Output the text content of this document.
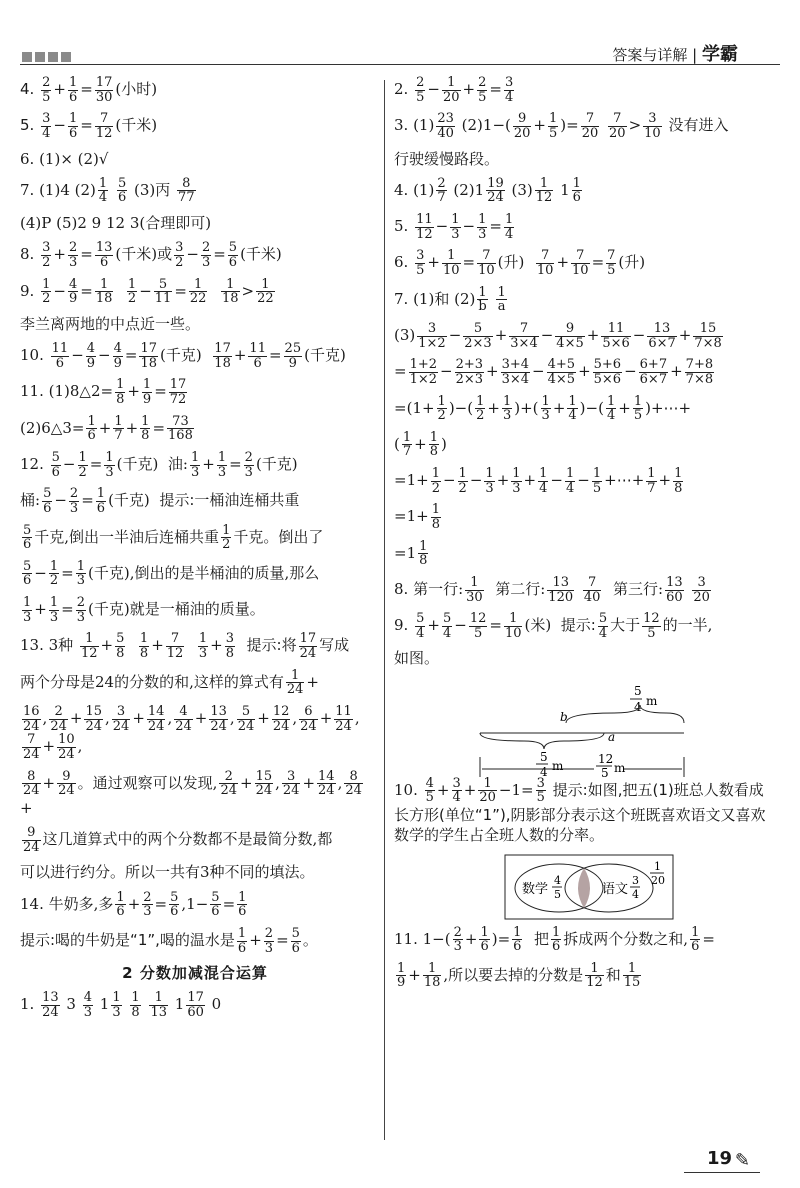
答案与详解 | 学霸
4. $\frac{2}{5} + \frac{1}{6} = \frac{17}{30}$ (小时)
5. $\frac{3}{4} - \frac{1}{6} = \frac{7}{12}$ (千米)
6. (1)× (2)√
7. (1)4 $(2) \frac{1}{4}$
$\frac{5}{6} (3)$丙 $\frac{8}{77}$
(4)P (5)2 9 12 3(合理即可)
8. $\frac{3}{2} + \frac{2}{3} = \frac{13}{6}$ (千米)或 $\frac{3}{2} - \frac{2}{3} = \frac{5}{6}$ (千米)
9. $\frac{1}{2} - \frac{4}{9} = \frac{1}{18}$
$\frac{1}{2} - \frac{5}{11} = \frac{1}{22}$
$\frac{1}{18} > \frac{1}{22}$
李兰离两地的中点近一些。
10. $\frac{11}{6} - \frac{4}{9} - \frac{4}{9} = \frac{17}{18}$ (千克) $\frac{17}{18} + \frac{11}{6} = \frac{25}{9}$ (千克)
11. (1)8△2= $\frac{1}{8} + \frac{1}{9} = \frac{17}{72}$
(2)6△3= $\frac{1}{6} + \frac{1}{7} + \frac{1}{8} = \frac{73}{168}$
12. $\frac{5}{6} - \frac{1}{2} = \frac{1}{3}$ (千克)  油: $\frac{1}{3} + \frac{1}{3} = \frac{2}{3}$ (千克)
桶: $\frac{5}{6} - \frac{2}{3} = \frac{1}{6}$ (千克)  提示:一桶油连桶共重
$\frac{5}{6}$ 千克,倒出一半油后连桶共重 $\frac{1}{2}$ 千克。倒出了
$\frac{5}{6} - \frac{1}{2} = \frac{1}{3}$ (千克),倒出的是半桶油的质量,那么
$\frac{1}{3} + \frac{1}{3} = \frac{2}{3}$ (千克)就是一桶油的质量。
13. 3种 $\frac{1}{12} + \frac{5}{8}$
$\frac{1}{8} + \frac{7}{12}$
$\frac{1}{3} + \frac{3}{8}$ 提示:将 $\frac{17}{24}$ 写成
两个分母是24的分数的和,这样的算式有 $\frac{1}{24}$ +
$\frac{16}{24}$ , $\frac{2}{24} + \frac{15}{24}$ , $\frac{3}{24} + \frac{14}{24}$ , $\frac{4}{24} + \frac{13}{24}$ , $\frac{5}{24} + \frac{12}{24}$ , $\frac{6}{24} + \frac{11}{24}$ ,
$\frac{7}{24} + \frac{10}{24}$ ,
$\frac{8}{24} + \frac{9}{24}$ 。通过观察可以发现, $\frac{2}{24} + \frac{15}{24}$ , $\frac{3}{24} + \frac{14}{24}$ , $\frac{8}{24}$
+
$\frac{9}{24}$ 这几道算式中的两个分数都不是最简分数,都
可以进行约分。所以一共有3种不同的填法。
14. 牛奶多,多 $\frac{1}{6} + \frac{2}{3} = \frac{5}{6} ,1- \frac{5}{6} = \frac{1}{6}$
提示:喝的牛奶是“1”,喝的温水是 $\frac{1}{6} + \frac{2}{3} = \frac{5}{6}$ 。
2 分数加减混合运算
1. $\frac{13}{24} 3 \frac{4}{3} 1 \frac{1}{3}$
$\frac{1}{8}$
$\frac{1}{13} 1 \frac{17}{60} 0$
2. $\frac{2}{5} - \frac{1}{20} + \frac{2}{5} = \frac{3}{4}$
3. $(1) \frac{23}{40} (2)1-( \frac{9}{20} + \frac{1}{5}$ )= $\frac{7}{20}$
$\frac{7}{20} > \frac{3}{10}$ 没有进入
行驶缓慢路段。
4. $(1) \frac{2}{7} (2)1 \frac{19}{24} (3) \frac{1}{12} 1 \frac{1}{6}$
5. $\frac{11}{12} - \frac{1}{3} - \frac{1}{3} = \frac{1}{4}$
6. $\frac{3}{5} + \frac{1}{10} = \frac{7}{10}$ (升) $\frac{7}{10} + \frac{7}{10} = \frac{7}{5}$ (升)
7. (1)和 $(2) \frac{1}{b}$
$\frac{1}{a}$
$(3) \frac{3}{1\times 2} - \frac{5}{2\times 3} + \frac{7}{3\times 4} - \frac{9}{4\times 5} + \frac{11}{5\times 6} - \frac{13}{6\times 7} + \frac{15}{7\times 8}$
= $\frac{1+2}{1\times 2} - \frac{2+3}{2\times 3} + \frac{3+4}{3\times 4} - \frac{4+5}{4\times 5} + \frac{5+6}{5\times 6} - \frac{6+7}{6\times 7} + \frac{7+8}{7\times 8}$
$=(1+ \frac{1}{2}$ )−( $\frac{1}{2} + \frac{1}{3}$ )+( $\frac{1}{3} + \frac{1}{4}$ )−( $\frac{1}{4} + \frac{1}{5}$ )+⋯+
( $\frac{1}{7} + \frac{1}{8}$ )
$=1+ \frac{1}{2} - \frac{1}{2} - \frac{1}{3} + \frac{1}{3} + \frac{1}{4} - \frac{1}{4} - \frac{1}{5}$ +⋯+ $\frac{1}{7} + \frac{1}{8}$
$=1+ \frac{1}{8}$
$=1 \frac{1}{8}$
8. 第一行: $\frac{1}{30}$ 第二行: $\frac{13}{120}$
$\frac{7}{40}$ 第三行: $\frac{13}{60}$
$\frac{3}{20}$
9. $\frac{5}{4} + \frac{5}{4} - \frac{12}{5} = \frac{1}{10}$ (米) 提示: $\frac{5}{4}$ 大于 $\frac{12}{5}$ 的一半,
如图。
5
4 m
b
a
5
4 m	12
5 m
10. $\frac{4}{5} + \frac{3}{4} + \frac{1}{20} -1= \frac{3}{5}$ 提示:如图,把五(1)班总人数看成长方形(单位“1”),阴影部分表示这个班既喜欢语文又喜欢数学的学生占全班人数的分率。
数学
4
5	语文
3
4
1
20
11. $1-( \frac{2}{3} + \frac{1}{6}$ )= $\frac{1}{6}$ 把 $\frac{1}{6}$ 拆成两个分数之和, $\frac{1}{6}$ =
$\frac{1}{9} + \frac{1}{18}$ ,所以要去掉的分数是 $\frac{1}{12}$ 和 $\frac{1}{15}$
19 ✎
